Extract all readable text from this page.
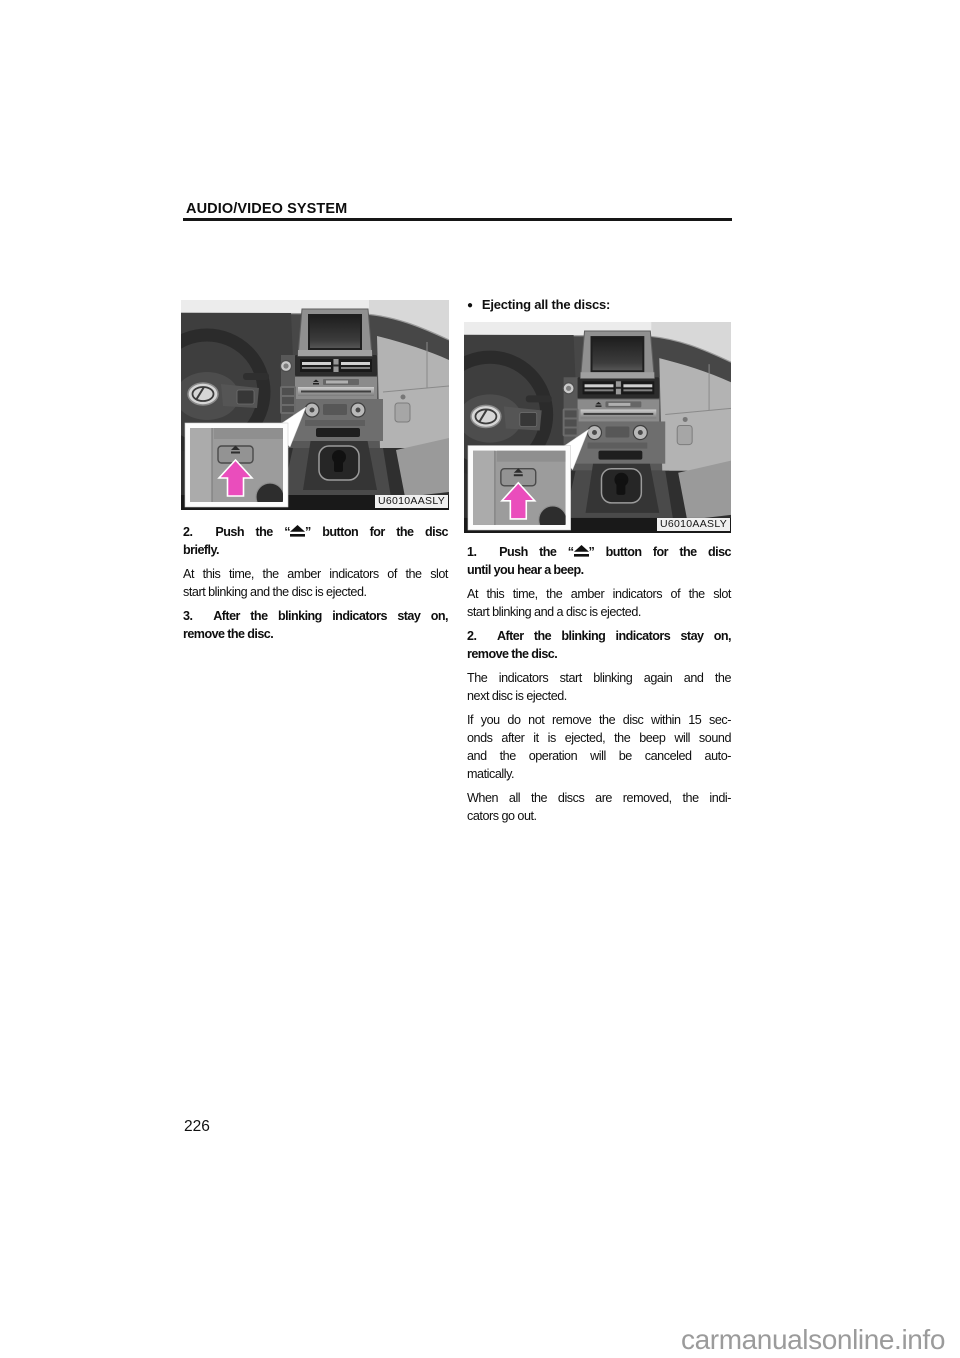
AUDIO/VIDEO SYSTEM
U6010AASLY
2.  Push the “ ” button for the disc
briefly.
At this time, the amber indicators of the slot
start blinking and the disc is ejected.
3.  After the blinking indicators stay on,
remove the disc.
● Ejecting all the discs:
U6010AASLY
1.  Push the “ ” button for the disc
until you hear a beep.
At this time, the amber indicators of the slot
start blinking and a disc is ejected.
2.  After the blinking indicators stay on,
remove the disc.
The indicators start blinking again and the
next disc is ejected.
If you do not remove the disc within 15 sec-
onds after it is ejected, the beep will sound
and the operation will be canceled auto-
matically.
When all the discs are removed, the indi-
cators go out.
226
carmanualsonline.info
